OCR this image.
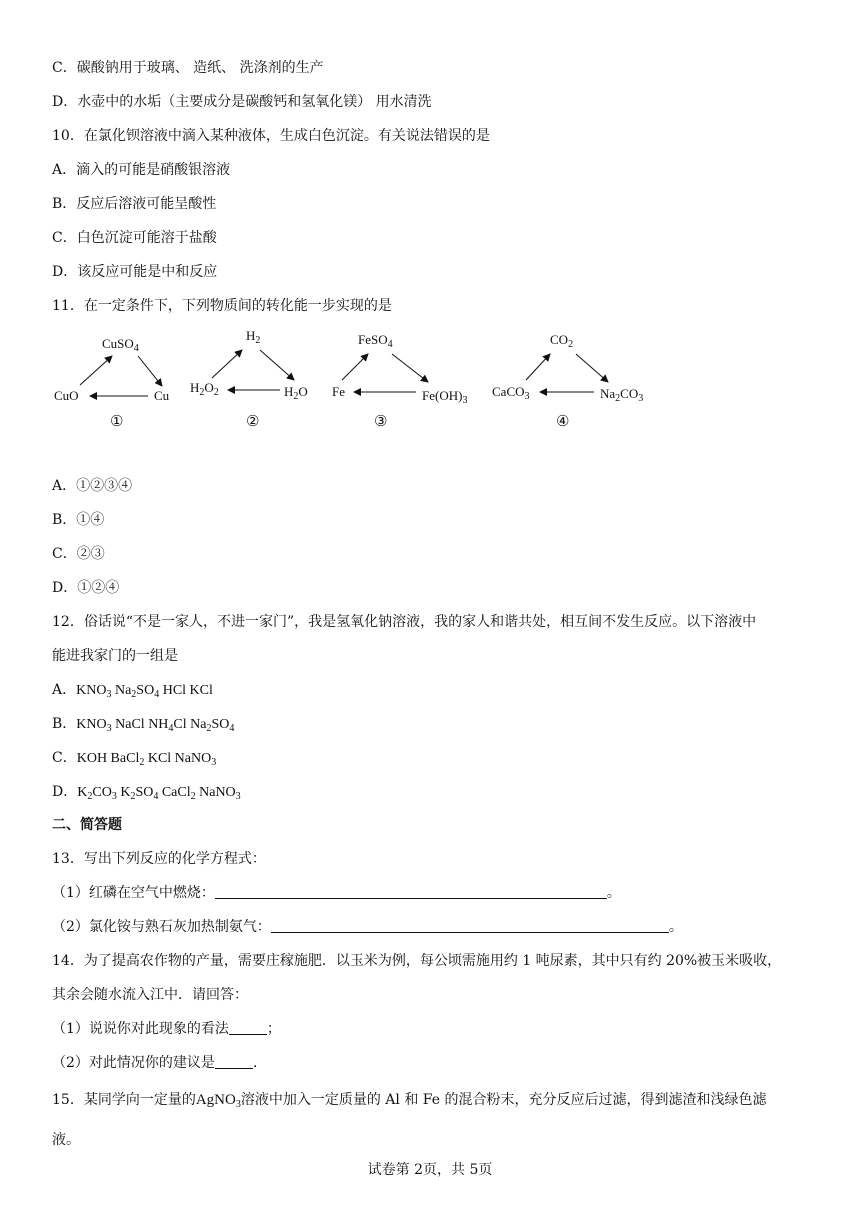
C．碳酸钠用于玻璃、 造纸、 洗涤剂的生产
D．水壶中的水垢（主要成分是碳酸钙和氢氧化镁） 用水清洗
10．在氯化钡溶液中滴入某种液体，生成白色沉淀。有关说法错误的是
A．滴入的可能是硝酸银溶液
B．反应后溶液可能呈酸性
C．白色沉淀可能溶于盐酸
D．该反应可能是中和反应
11．在一定条件下，下列物质间的转化能一步实现的是
CuSO$_4$
CuO	Cu
①
$H_2$
$H_2O_2$	$H_2O$
②
FeSO$_4$
Fe	$Fe(OH)_3$
③
$CO_2$
CaCO$_3$	$Na_2CO_3$
④
A．①②③④
B．①④
C．②③
D．①②④
12．俗话说“不是一家人，不进一家门”，我是氢氧化钠溶液，我的家人和谐共处，相互间不发生反应。以下溶液中
能进我家门的一组是
A．$KNO_3$ $Na_2SO_4$ HCl KCl
B．$KNO_3$ NaCl $NH_4Cl$ $Na_2SO_4$
C．KOH BaCl$_2$ KCl NaNO$_3$
D．$K_2CO_3$ $K_2SO_4$ CaCl$_2$ NaNO$_3$
二、简答题
13．写出下列反应的化学方程式：
（1）红磷在空气中燃烧：	。
（2）氯化铵与熟石灰加热制氨气：	。
14．为了提高农作物的产量，需要庄稼施肥．以玉米为例，每公顷需施用约 1 吨尿素，其中只有约 20%被玉米吸收，
其余会随水流入江中．请回答：
（1）说说你对此现象的看法	；
（2）对此情况你的建议是	.
15．某同学向一定量的AgNO$_3$溶液中加入一定质量的 Al 和 Fe 的混合粉末，充分反应后过滤，得到滤渣和浅绿色滤
液。
试卷第 2页，共 5页
